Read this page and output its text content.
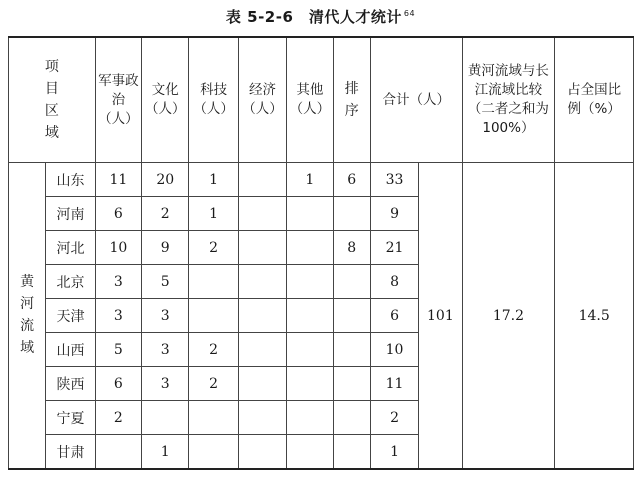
表 5-2-6　清代人才统计 $^{64}$
项目区域		军事政治（人）	文化（人）	科技（人）	经济（人）	其他（人）	排序	合计（人）		黄河流域与长江流域比较（二者之和为100%）	占全国比例（%）
黄河流域	山东	11	20	1		1	6	33	101	17.2	14.5
	河南	6	2	1				9			
	河北	10	9	2			8	21			
	北京	3	5					8			
	天津	3	3					6			
	山西	5	3	2				10			
	陕西	6	3	2				11			
	宁夏	2						2			
	甘肃		1					1			
